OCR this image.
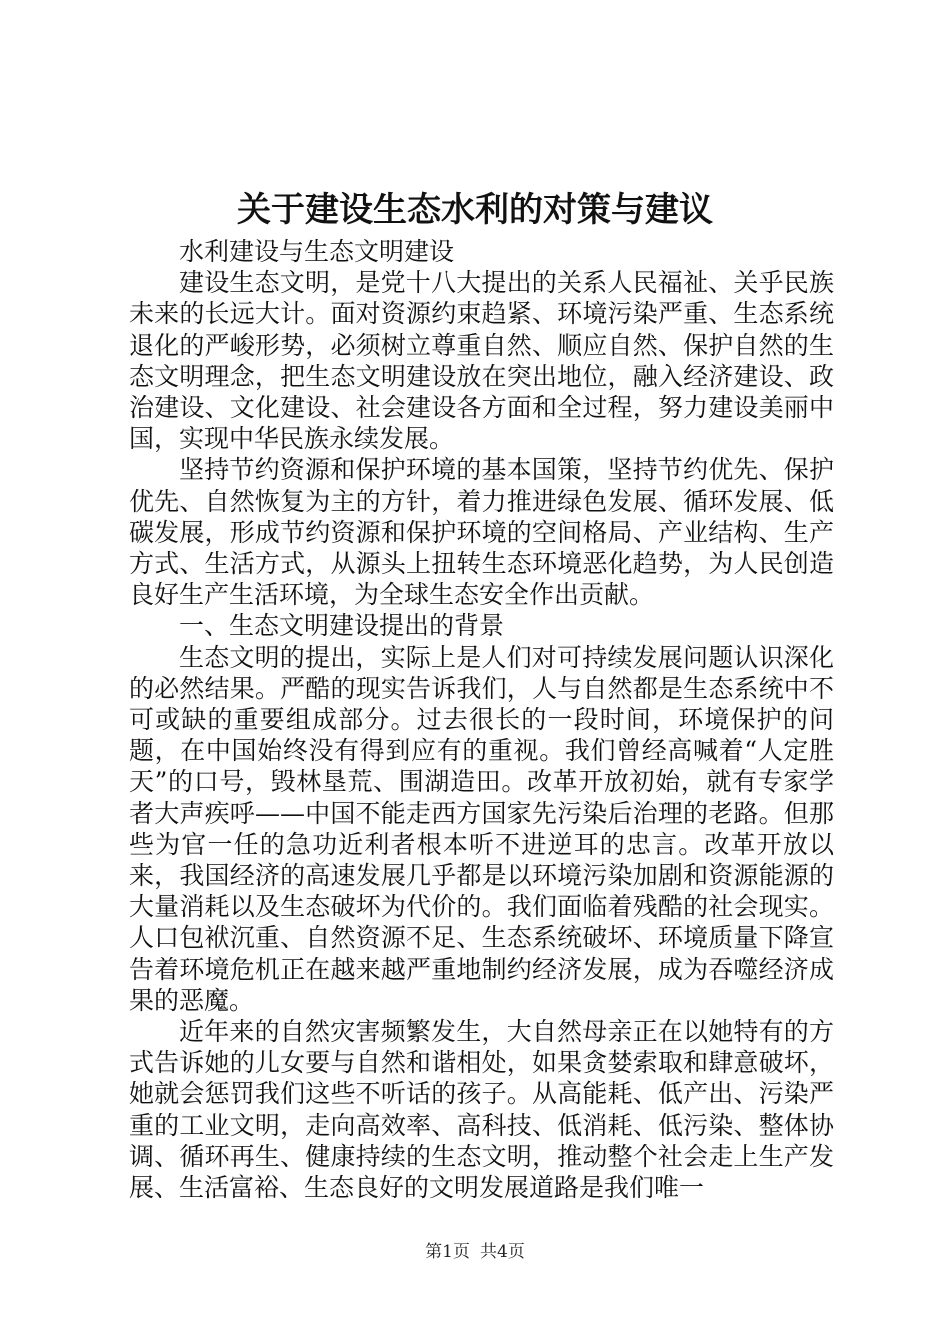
关于建设生态水利的对策与建议

水利建设与生态文明建设

建设生态文明，是党十八大提出的关系人民福祉、关乎民族未来的长远大计。面对资源约束趋紧、环境污染严重、生态系统退化的严峻形势，必须树立尊重自然、顺应自然、保护自然的生态文明理念，把生态文明建设放在突出地位，融入经济建设、政治建设、文化建设、社会建设各方面和全过程，努力建设美丽中国，实现中华民族永续发展。

坚持节约资源和保护环境的基本国策，坚持节约优先、保护优先、自然恢复为主的方针，着力推进绿色发展、循环发展、低碳发展，形成节约资源和保护环境的空间格局、产业结构、生产方式、生活方式，从源头上扭转生态环境恶化趋势，为人民创造良好生产生活环境，为全球生态安全作出贡献。

一、生态文明建设提出的背景

生态文明的提出，实际上是人们对可持续发展问题认识深化的必然结果。严酷的现实告诉我们，人与自然都是生态系统中不可或缺的重要组成部分。过去很长的一段时间，环境保护的问题，在中国始终没有得到应有的重视。我们曾经高喊着“人定胜天”的口号，毁林垦荒、围湖造田。改革开放初始，就有专家学者大声疾呼——中国不能走西方国家先污染后治理的老路。但那些为官一任的急功近利者根本听不进逆耳的忠言。改革开放以来，我国经济的高速发展几乎都是以环境污染加剧和资源能源的大量消耗以及生态破坏为代价的。我们面临着残酷的社会现实。人口包袱沉重、自然资源不足、生态系统破坏、环境质量下降宣告着环境危机正在越来越严重地制约经济发展，成为吞噬经济成果的恶魔。

近年来的自然灾害频繁发生，大自然母亲正在以她特有的方式告诉她的儿女要与自然和谐相处，如果贪婪索取和肆意破坏，她就会惩罚我们这些不听话的孩子。从高能耗、低产出、污染严重的工业文明，走向高效率、高科技、低消耗、低污染、整体协调、循环再生、健康持续的生态文明，推动整个社会走上生产发展、生活富裕、生态良好的文明发展道路是我们唯一

第1页 共4页
